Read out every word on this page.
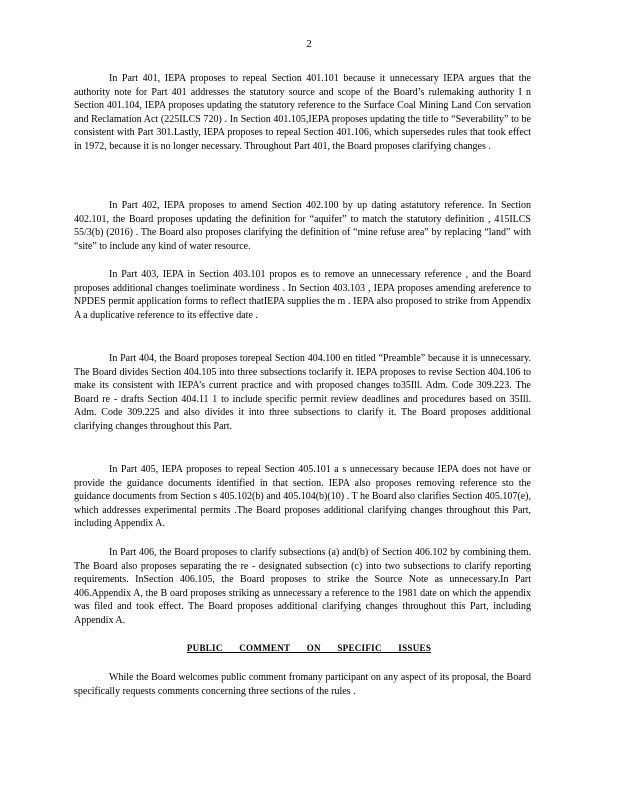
2

In Part 401, IEPA proposes to repeal Section 401.101 because it unnecessary IEPA argues that the authority note for Part 401 addresses the statutory source and scope of the Board’s rulemaking authority I n Section 401.104, IEPA proposes updating the statutory reference to the Surface Coal Mining Land Con servation and Reclamation Act (225ILCS 720) . In Section 401.105,IEPA proposes updating the title to “Severability” to be consistent with Part 301.Lastly, IEPA proposes to repeal Section 401.106, which supersedes rules that took effect in 1972, because it is no longer necessary. Throughout Part 401, the Board proposes clarifying changes .

In Part 402, IEPA proposes to amend Section 402.100 by up dating astatutory reference. In Section 402.101, the Board proposes updating the definition for “aquifer” to match the statutory definition , 415ILCS 55/3(b) (2016) . The Board also proposes clarifying the definition of “mine refuse area” by replacing “land” with “site” to include any kind of water resource.

In Part 403, IEPA in Section 403.101 propos es to remove an unnecessary reference , and the Board proposes additional changes toeliminate wordiness . In Section 403.103 , IEPA proposes amending areference to NPDES permit application forms to reflect thatIEPA supplies the m . IEPA also proposed to strike from Appendix A a duplicative reference to its effective date .

In Part 404, the Board proposes torepeal Section 404.100 en titled “Preamble” because it is unnecessary. The Board divides Section 404.105 into three subsections toclarify it. IEPA proposes to revise Section 404.106 to make its consistent with IEPA’s current practice and with proposed changes to35Ill. Adm. Code 309.223. The Board re - drafts Section 404.11 1 to include specific permit review deadlines and procedures based on 35Ill. Adm. Code 309.225 and also divides it into three subsections to clarify it. The Board proposes additional clarifying changes throughout this Part.

In Part 405, IEPA proposes to repeal Section 405.101 a s unnecessary because IEPA does not have or provide the guidance documents identified in that section. IEPA also proposes removing reference sto the guidance documents from Section s 405.102(b) and 405.104(b)(10) . T he Board also clarifies Section 405.107(e), which addresses experimental permits .The Board proposes additional clarifying changes throughout this Part, including Appendix A.

In Part 406, the Board proposes to clarify subsections (a) and(b) of Section 406.102 by combining them. The Board also proposes separating the re - designated subsection (c) into two subsections to clarify reporting requirements. InSection 406.105, the Board proposes to strike the Source Note as unnecessary.In Part 406.Appendix A, the B oard proposes striking as unnecessary a reference to the 1981 date on which the appendix was filed and took effect. The Board proposes additional clarifying changes throughout this Part, including Appendix A.

PUBLIC COMMENT ON SPECIFIC ISSUES

While the Board welcomes public comment fromany participant on any aspect of its proposal, the Board specifically requests comments concerning three sections of the rules .
